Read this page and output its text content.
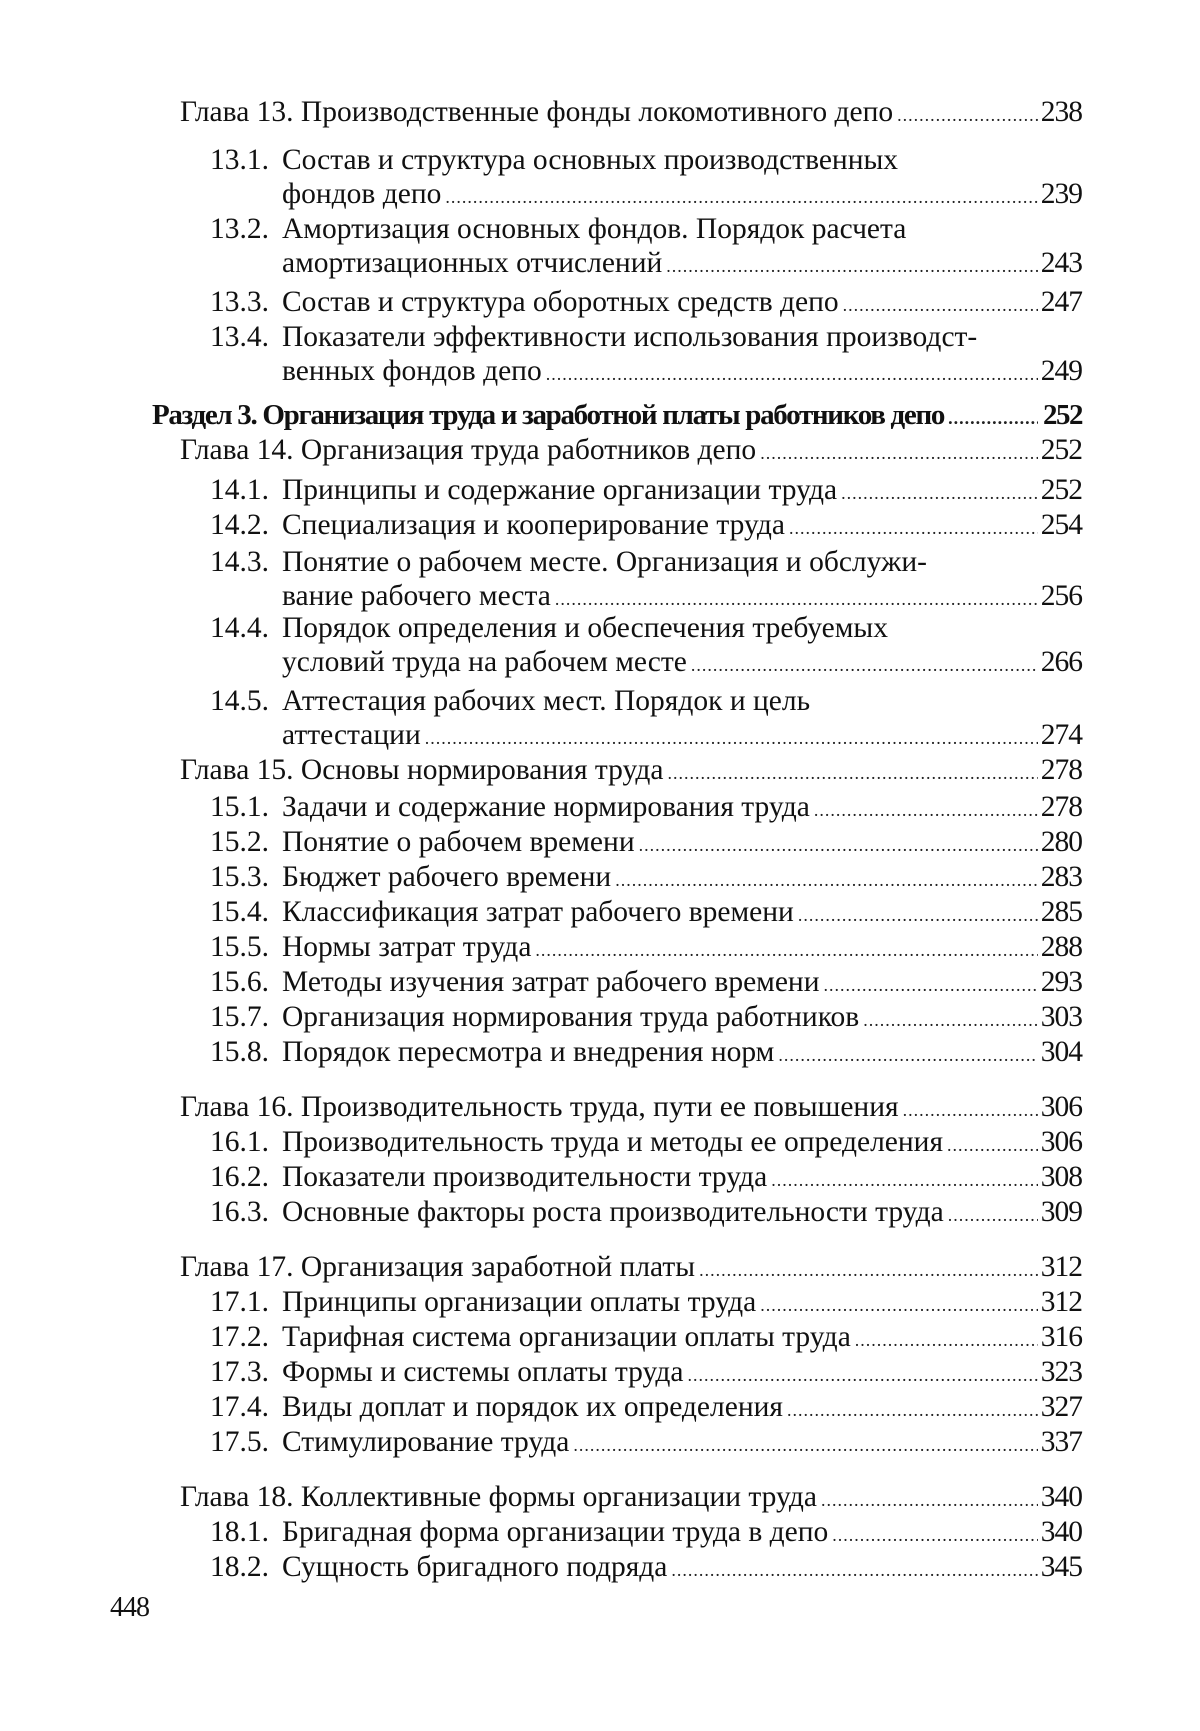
Глава 13. Производственные фонды локомотивного депо .....	238
13.1. Состав и структура основных производственных
фондов депо .....	239
13.2. Амортизация основных фондов. Порядок расчета
амортизационных отчислений .....	243
13.3. Состав и структура оборотных средств депо .....	247
13.4. Показатели эффективности использования производст-
венных фондов депо .....	249
Раздел 3. Организация труда и заработной платы работников депо .....	252
Глава 14. Организация труда работников депо .....	252
14.1. Принципы и содержание организации труда .....	252
14.2. Специализация и кооперирование труда .....	254
14.3. Понятие о рабочем месте. Организация и обслужи-
вание рабочего места .....	256
14.4. Порядок определения и обеспечения требуемых
условий труда на рабочем месте .....	266
14.5. Аттестация рабочих мест. Порядок и цель
аттестации .....	274
Глава 15. Основы нормирования труда .....	278
15.1. Задачи и содержание нормирования труда .....	278
15.2. Понятие о рабочем времени .....	280
15.3. Бюджет рабочего времени .....	283
15.4. Классификация затрат рабочего времени .....	285
15.5. Нормы затрат труда .....	288
15.6. Методы изучения затрат рабочего времени .....	293
15.7. Организация нормирования труда работников .....	303
15.8. Порядок пересмотра и внедрения норм .....	304
Глава 16. Производительность труда, пути ее повышения .....	306
16.1. Производительность труда и методы ее определения .....	306
16.2. Показатели производительности труда .....	308
16.3. Основные факторы роста производительности труда .....	309
Глава 17. Организация заработной платы .....	312
17.1. Принципы организации оплаты труда .....	312
17.2. Тарифная система организации оплаты труда .....	316
17.3. Формы и системы оплаты труда .....	323
17.4. Виды доплат и порядок их определения .....	327
17.5. Стимулирование труда .....	337
Глава 18. Коллективные формы организации труда .....	340
18.1. Бригадная форма организации труда в депо .....	340
18.2. Сущность бригадного подряда .....	345
448
